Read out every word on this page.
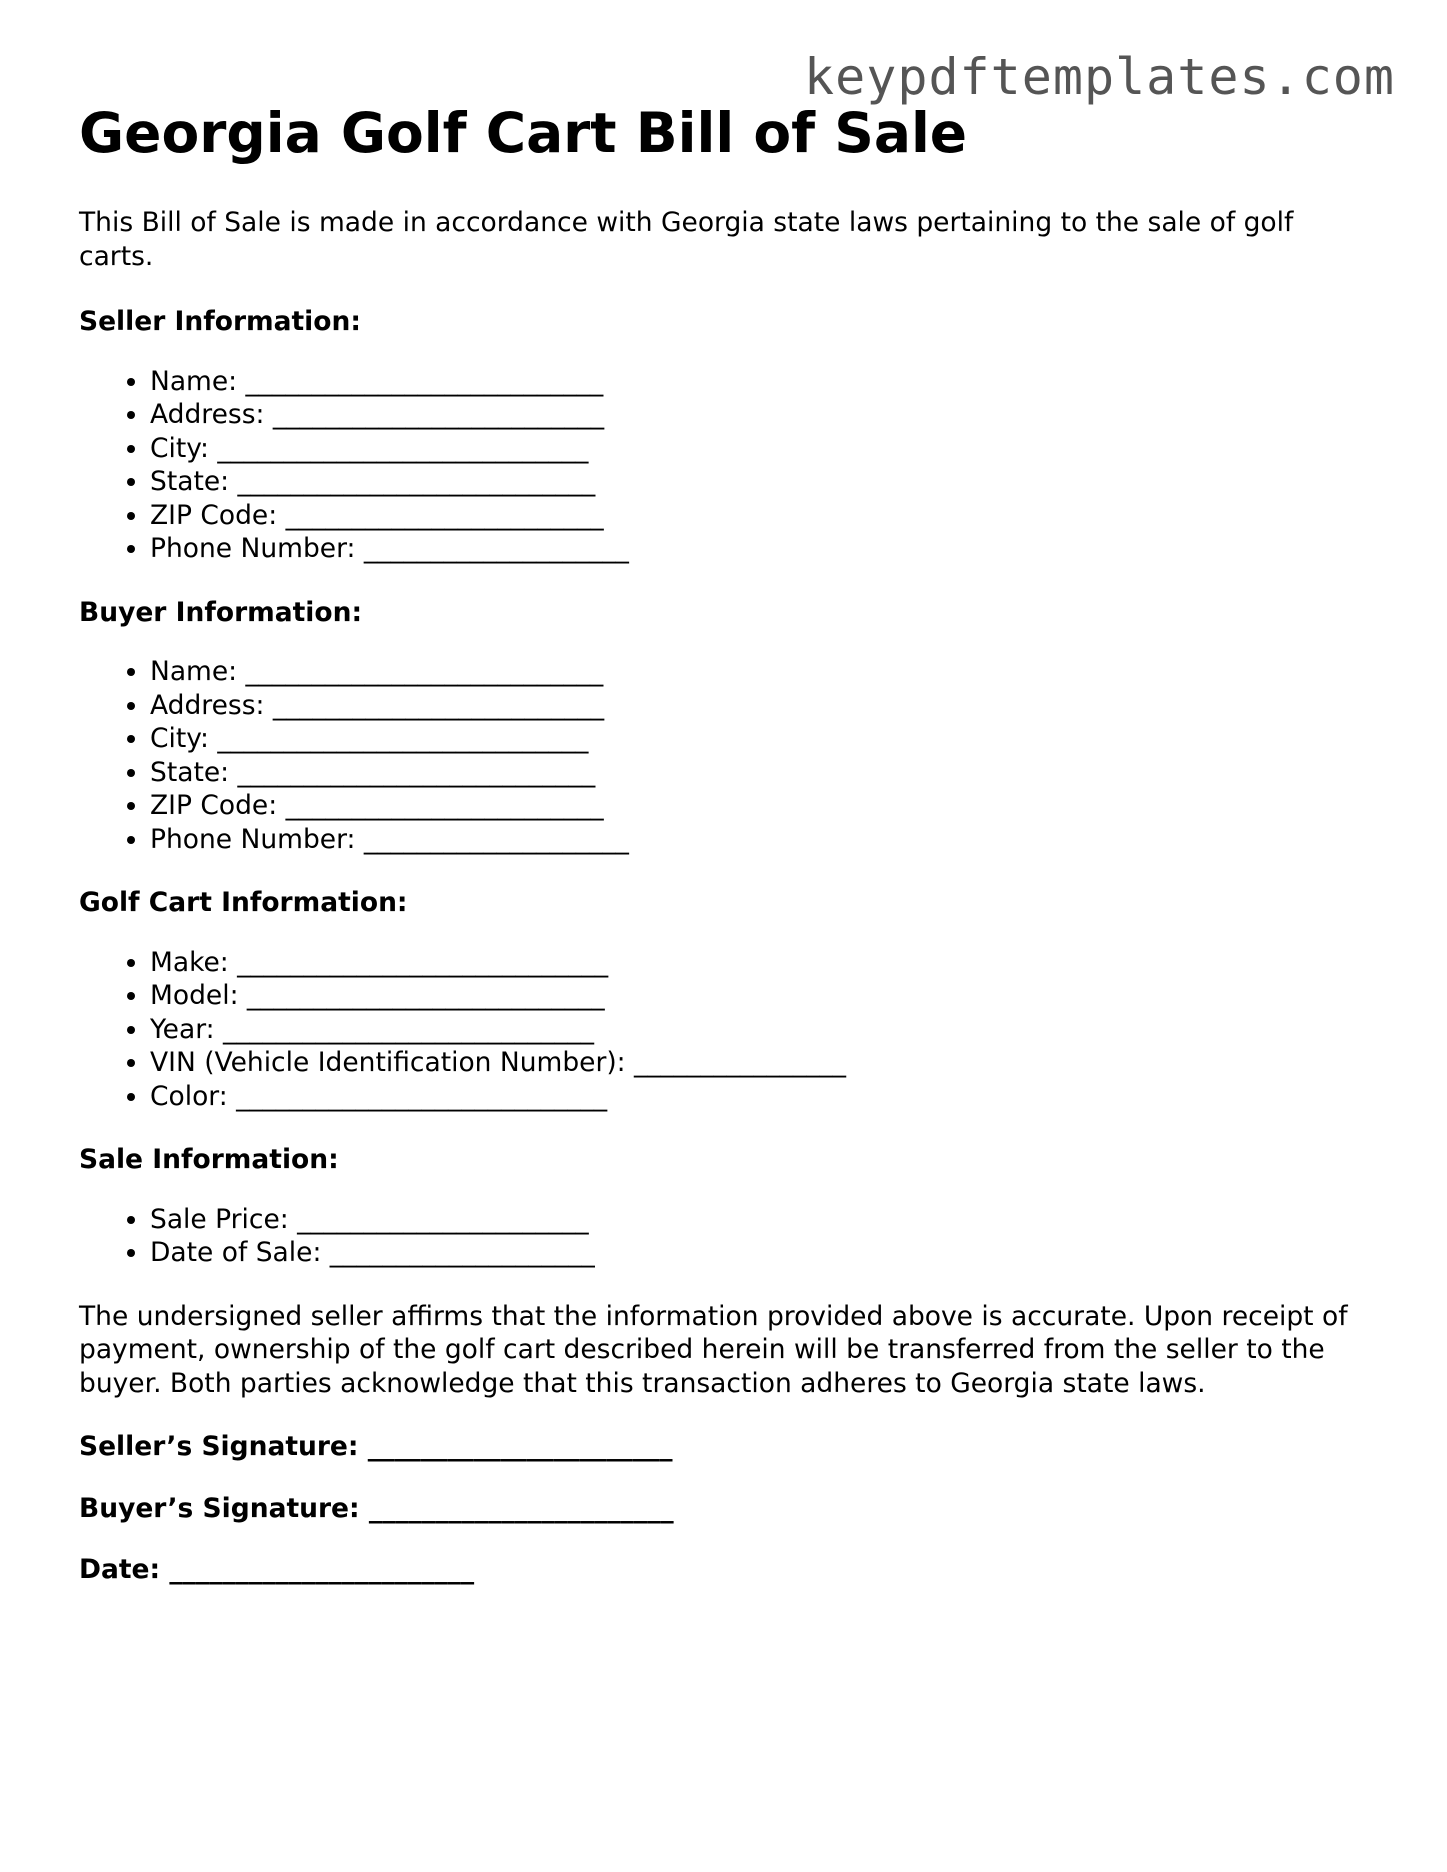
keypdftemplates.com
Georgia Golf Cart Bill of Sale

This Bill of Sale is made in accordance with Georgia state laws pertaining to the sale of golf carts.

Seller Information:
• Name: ___________________________
• Address: _________________________
• City: ____________________________
• State: ___________________________
• ZIP Code: ________________________
• Phone Number: ____________________
Buyer Information:
• Name: ___________________________
• Address: _________________________
• City: ____________________________
• State: ___________________________
• ZIP Code: ________________________
• Phone Number: ____________________
Golf Cart Information:
• Make: ____________________________
• Model: ___________________________
• Year: ____________________________
• VIN (Vehicle Identification Number): ________________
• Color: ____________________________
Sale Information:
• Sale Price: ______________________
• Date of Sale: ____________________

The undersigned seller affirms that the information provided above is accurate. Upon receipt of payment, ownership of the golf cart described herein will be transferred from the seller to the buyer. Both parties acknowledge that this transaction adheres to Georgia state laws.

Seller’s Signature: _______________________
Buyer’s Signature: _______________________
Date: _______________________
